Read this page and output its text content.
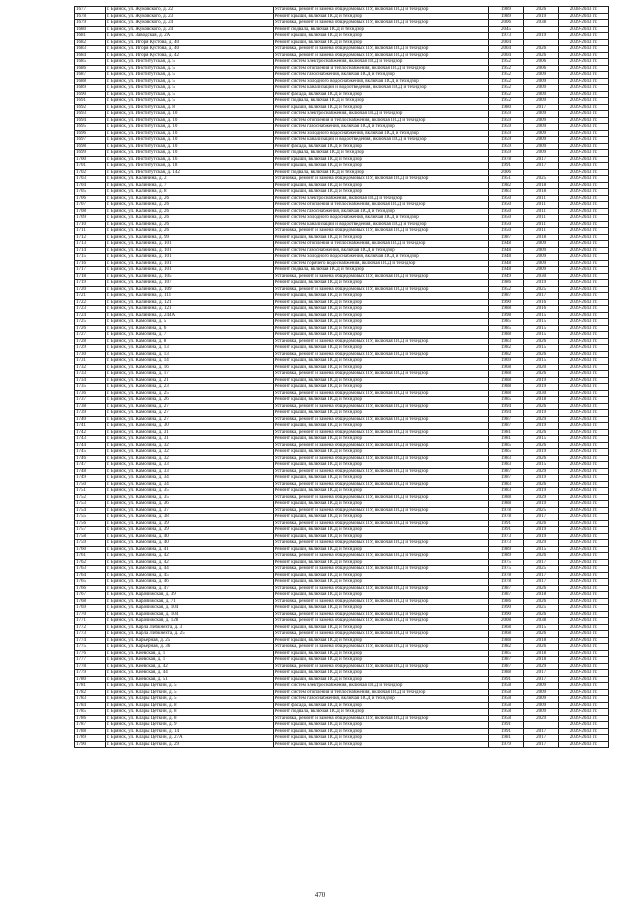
1677	г. Брянск, ул. Жуковского, д. 22	Установка, ремонт и замена общедомовых ПУ, включая ПСД и техндзор	1989	2026	2038-2043 гг.
1678	г. Брянск, ул. Жуковского, д. 23	Ремонт крыши, включая ПСД и техндзор	1989	2019	2039-2043 гг.
1679	г. Брянск, ул. Жуковского, д. 24	Установка, ремонт и замена общедомовых ПУ, включая ПСД и техндзор	2006	2038	2039-2043 гг.
1680	г. Брянск, ул. Жуковского, д. 24	Ремонт подвала, включая ПСД и техндзор	2045		2039-2043 гг.
1681	г. Брянск, ул. Заводская, д. 2А	Ремонт крыши, включая ПСД и техндзор	1973	2019	2039-2043 гг.
1682	г. Брянск, ул. Игоря Кустова, д. 40	Ремонт крыши, включая ПСД и техндзор	2004		2039-2043 гг.
1683	г. Брянск, ул. Игоря Кустова, д. 40	Установка, ремонт и замена общедомовых ПУ, включая ПСД и техндзор	2004	2026	2039-2043 гг.
1684	г. Брянск, ул. Игоря Кустова, д. 42	Установка, ремонт и замена общедомовых ПУ, включая ПСД и техндзор	2004	2026	2039-2043 гг.
1685	г. Брянск, ул. Институтская, д. 5	Ремонт систем электроснабжения, включая ПСД и техндзор	1952	2006	2039-2043 гг.
1686	г. Брянск, ул. Институтская, д. 5	Ремонт систем отопления и теплоснабжения, включая ПСД и техндзор	1952	2006	2039-2043 гг.
1687	г. Брянск, ул. Институтская, д. 5	Ремонт систем газоснабжения, включая ПСД и техндзор	1952	2009	2039-2043 гг.
1688	г. Брянск, ул. Институтская, д. 5	Ремонт систем холодного водоснабжения, включая ПСД и техндзор	1952	2009	2039-2043 гг.
1689	г. Брянск, ул. Институтская, д. 5	Ремонт систем канализации и водоотведения, включая ПСД и техндзор	1952	2009	2039-2043 гг.
1690	г. Брянск, ул. Институтская, д. 5	Ремонт фасада, включая ПСД и техндзор	1952	2009	2039-2043 гг.
1691	г. Брянск, ул. Институтская, д. 5	Ремонт подвала, включая ПСД и техндзор	1952	2009	2039-2043 гг.
1692	г. Брянск, ул. Институтская, д. 8	Ремонт крыши, включая ПСД и техндзор	1980	2017	2039-2043 гг.
1693	г. Брянск, ул. Институтская, д. 10	Ремонт систем электроснабжения, включая ПСД и техндзор	1959	2009	2039-2043 гг.
1694	г. Брянск, ул. Институтская, д. 10	Ремонт систем отопления и теплоснабжения, включая ПСД и техндзор	1959	2009	2039-2043 гг.
1695	г. Брянск, ул. Институтская, д. 10	Ремонт систем газоснабжения, включая ПСД и техндзор	1959	2009	2039-2043 гг.
1696	г. Брянск, ул. Институтская, д. 10	Ремонт систем холодного водоснабжения, включая ПСД и техндзор	1959	2009	2039-2043 гг.
1697	г. Брянск, ул. Институтская, д. 10	Ремонт систем канализации и водоотведения, включая ПСД и техндзор	1959	2009	2039-2043 гг.
1698	г. Брянск, ул. Институтская, д. 10	Ремонт фасада, включая ПСД и техндзор	1959	2009	2039-2043 гг.
1699	г. Брянск, ул. Институтская, д. 10	Ремонт подвала, включая ПСД и техндзор	1959	2009	2039-2043 гг.
1700	г. Брянск, ул. Институтская, д. 16	Ремонт крыши, включая ПСД и техндзор	1978	2017	2039-2043 гг.
1701	г. Брянск, ул. Институтская, д. 18	Ремонт крыши, включая ПСД и техндзор	1991	2017	2039-2043 гг.
1702	г. Брянск, ул. Институтская, д. 142	Ремонт подвала, включая ПСД и техндзор	2006		2039-2043 гг.
1703	г. Брянск, ул. Калинина, д. 2	Установка, ремонт и замена общедомовых ПУ, включая ПСД и техндзор	1951	2025	2039-2043 гг.
1704	г. Брянск, ул. Калинина, д. 7	Ремонт крыши, включая ПСД и техндзор	1982	2018	2039-2043 гг.
1705	г. Брянск, ул. Калинина, д. 8	Ремонт крыши, включая ПСД и техндзор	1983	2018	2039-2043 гг.
1706	г. Брянск, ул. Калинина, д. 26	Ремонт систем электроснабжения, включая ПСД и техндзор	1950	2011	2039-2043 гг.
1707	г. Брянск, ул. Калинина, д. 26	Ремонт систем отопления и теплоснабжения, включая ПСД и техндзор	1950	2011	2039-2043 гг.
1708	г. Брянск, ул. Калинина, д. 26	Ремонт систем газоснабжения, включая ПСД и техндзор	1950	2011	2039-2043 гг.
1709	г. Брянск, ул. Калинина, д. 26	Ремонт систем холодного водоснабжения, включая ПСД и техндзор	1950	2011	2039-2043 гг.
1710	г. Брянск, ул. Калинина, д. 26	Ремонт систем канализации и водоотведения, включая ПСД и техндзор	1950	2011	2039-2043 гг.
1711	г. Брянск, ул. Калинина, д. 26	Установка, ремонт и замена общедомовых ПУ, включая ПСД и техндзор	1950	2011	2039-2043 гг.
1712	г. Брянск, ул. Калинина, д. 99	Ремонт крыши, включая ПСД и техндзор	1987	2018	2039-2043 гг.
1713	г. Брянск, ул. Калинина, д. 101	Ремонт систем отопления и теплоснабжения, включая ПСД и техндзор	1948	2009	2039-2043 гг.
1714	г. Брянск, ул. Калинина, д. 101	Ремонт систем газоснабжения, включая ПСД и техндзор	1948	2009	2039-2043 гг.
1715	г. Брянск, ул. Калинина, д. 101	Ремонт систем холодного водоснабжения, включая ПСД и техндзор	1948	2009	2039-2043 гг.
1716	г. Брянск, ул. Калинина, д. 101	Ремонт систем горячего водоснабжения, включая ПСД и техндзор	1948	2009	2039-2043 гг.
1717	г. Брянск, ул. Калинина, д. 101	Ремонт подвала, включая ПСД и техндзор	1948	2009	2039-2043 гг.
1718	г. Брянск, ул. Калинина, д. 105	Установка, ремонт и замена общедомовых ПУ, включая ПСД и техндзор	1949	2030	2039-2043 гг.
1719	г. Брянск, ул. Калинина, д. 107	Ремонт крыши, включая ПСД и техндзор	1986	2019	2039-2043 гг.
1720	г. Брянск, ул. Калинина, д. 109	Установка, ремонт и замена общедомовых ПУ, включая ПСД и техндзор	1952	2025	2039-2043 гг.
1721	г. Брянск, ул. Калинина, д. 111	Ремонт крыши, включая ПСД и техндзор	1987	2017	2039-2043 гг.
1722	г. Брянск, ул. Калинина, д. 121	Ремонт крыши, включая ПСД и техндзор	1990	2016	2039-2043 гг.
1723	г. Брянск, ул. Калинина, д. 121	Ремонт крыши, включая ПСД и техндзор	1988	2016	2039-2043 гг.
1724	г. Брянск, ул. Калинина, д. 244А	Ремонт крыши, включая ПСД и техндзор	1998	2015	2039-2043 гг.
1725	г. Брянск, ул. Камозина, д. 5	Ремонт крыши, включая ПСД и техндзор	1985	2015	2039-2043 гг.
1726	г. Брянск, ул. Камозина, д. 6	Ремонт крыши, включая ПСД и техндзор	1985	2015	2039-2043 гг.
1727	г. Брянск, ул. Камозина, д. 7	Ремонт крыши, включая ПСД и техндзор	1988	2015	2039-2043 гг.
1728	г. Брянск, ул. Камозина, д. 8	Установка, ремонт и замена общедомовых ПУ, включая ПСД и техндзор	1983	2026	2039-2043 гг.
1729	г. Брянск, ул. Камозина, д. 13	Ремонт крыши, включая ПСД и техндзор	1982	2015	2039-2043 гг.
1730	г. Брянск, ул. Камозина, д. 13	Установка, ремонт и замена общедомовых ПУ, включая ПСД и техндзор	1982	2026	2039-2043 гг.
1731	г. Брянск, ул. Камозина, д. 14	Ремонт крыши, включая ПСД и техндзор	1969	2015	2039-2043 гг.
1732	г. Брянск, ул. Камозина, д. 16	Ремонт крыши, включая ПСД и техндзор	1968	2020	2039-2043 гг.
1733	г. Брянск, ул. Камозина, д. 17	Установка, ремонт и замена общедомовых ПУ, включая ПСД и техндзор	1988	2026	2039-2043 гг.
1734	г. Брянск, ул. Камозина, д. 21	Ремонт крыши, включая ПСД и техндзор	1988	2019	2039-2043 гг.
1735	г. Брянск, ул. Камозина, д. 23	Ремонт крыши, включая ПСД и техндзор	1988	2019	2039-2043 гг.
1736	г. Брянск, ул. Камозина, д. 25	Установка, ремонт и замена общедомовых ПУ, включая ПСД и техндзор	1988	2030	2039-2043 гг.
1737	г. Брянск, ул. Камозина, д. 26	Ремонт крыши, включая ПСД и техндзор	1985	2018	2039-2043 гг.
1738	г. Брянск, ул. Камозина, д. 27	Установка, ремонт и замена общедомовых ПУ, включая ПСД и техндзор	1994	2026	2039-2043 гг.
1739	г. Брянск, ул. Камозина, д. 27	Ремонт крыши, включая ПСД и техндзор	1994	2019	2039-2043 гг.
1740	г. Брянск, ул. Камозина, д. 27	Установка, ремонт и замена общедомовых ПУ, включая ПСД и техндзор	1987	2029	2039-2043 гг.
1741	г. Брянск, ул. Камозина, д. 30	Ремонт крыши, включая ПСД и техндзор	1987	2019	2039-2043 гг.
1742	г. Брянск, ул. Камозина, д. 31	Установка, ремонт и замена общедомовых ПУ, включая ПСД и техндзор	1981	2026	2039-2043 гг.
1743	г. Брянск, ул. Камозина, д. 31	Ремонт крыши, включая ПСД и техндзор	1981	2015	2039-2043 гг.
1744	г. Брянск, ул. Камозина, д. 32	Установка, ремонт и замена общедомовых ПУ, включая ПСД и техндзор	1985	2026	2039-2043 гг.
1745	г. Брянск, ул. Камозина, д. 32	Ремонт крыши, включая ПСД и техндзор	1985	2019	2039-2043 гг.
1746	г. Брянск, ул. Камозина, д. 32	Установка, ремонт и замена общедомовых ПУ, включая ПСД и техндзор	1983	2026	2039-2043 гг.
1747	г. Брянск, ул. Камозина, д. 33	Ремонт крыши, включая ПСД и техндзор	1983	2015	2039-2043 гг.
1748	г. Брянск, ул. Камозина, д. 33	Установка, ремонт и замена общедомовых ПУ, включая ПСД и техндзор	1987	2029	2039-2043 гг.
1749	г. Брянск, ул. Камозина, д. 34	Ремонт крыши, включая ПСД и техндзор	1987	2019	2039-2043 гг.
1750	г. Брянск, ул. Камозина, д. 34	Установка, ремонт и замена общедомовых ПУ, включая ПСД и техндзор	1983	2026	2039-2043 гг.
1751	г. Брянск, ул. Камозина, д. 35	Ремонт крыши, включая ПСД и техндзор	1983	2019	2039-2043 гг.
1752	г. Брянск, ул. Камозина, д. 35	Установка, ремонт и замена общедомовых ПУ, включая ПСД и техндзор	1988	2029	2039-2043 гг.
1753	г. Брянск, ул. Камозина, д. 36	Ремонт крыши, включая ПСД и техндзор	1988	2019	2039-2043 гг.
1754	г. Брянск, ул. Камозина, д. 37	Установка, ремонт и замена общедомовых ПУ, включая ПСД и техндзор	1978	2025	2039-2043 гг.
1755	г. Брянск, ул. Камозина, д. 38	Ремонт крыши, включая ПСД и техндзор	1978	2017	2039-2043 гг.
1756	г. Брянск, ул. Камозина, д. 39	Установка, ремонт и замена общедомовых ПУ, включая ПСД и техндзор	1991	2026	2039-2043 гг.
1757	г. Брянск, ул. Камозина, д. 39	Ремонт крыши, включая ПСД и техндзор	1991	2019	2039-2043 гг.
1758	г. Брянск, ул. Камозина, д. 40	Ремонт крыши, включая ПСД и техндзор	1973	2019	2039-2043 гг.
1759	г. Брянск, ул. Камозина, д. 40	Установка, ремонт и замена общедомовых ПУ, включая ПСД и техндзор	1973	2029	2039-2043 гг.
1760	г. Брянск, ул. Камозина, д. 41	Ремонт крыши, включая ПСД и техндзор	1989	2015	2039-2043 гг.
1761	г. Брянск, ул. Камозина, д. 42	Установка, ремонт и замена общедомовых ПУ, включая ПСД и техндзор	1989	2026	2039-2043 гг.
1762	г. Брянск, ул. Камозина, д. 42	Ремонт крыши, включая ПСД и техндзор	1975	2017	2039-2043 гг.
1763	г. Брянск, ул. Камозина, д. 44	Установка, ремонт и замена общедомовых ПУ, включая ПСД и техндзор	1975	2025	2039-2043 гг.
1764	г. Брянск, ул. Камозина, д. 45	Ремонт крыши, включая ПСД и техндзор	1978	2017	2039-2043 гг.
1765	г. Брянск, ул. Камозина, д. 46	Ремонт крыши, включая ПСД и техндзор	1978	2017	2039-2043 гг.
1766	г. Брянск, ул. Камозина, д. 47	Установка, ремонт и замена общедомовых ПУ, включая ПСД и техндзор	1987	2026	2039-2043 гг.
1767	г. Брянск, ул. Карачижская, д. 39	Ремонт крыши, включая ПСД и техндзор	1987	2018	2039-2043 гг.
1768	г. Брянск, ул. Карачижская, д. 71	Установка, ремонт и замена общедомовых ПУ, включая ПСД и техндзор	1986	2026	2039-2043 гг.
1769	г. Брянск, ул. Карачижская, д. 104	Ремонт крыши, включая ПСД и техндзор	1990	2025	2039-2043 гг.
1770	г. Брянск, ул. Карачижская, д. 104	Установка, ремонт и замена общедомовых ПУ, включая ПСД и техндзор	1990	2026	2039-2043 гг.
1771	г. Брянск, ул. Карачижская, д. 128	Установка, ремонт и замена общедомовых ПУ, включая ПСД и техндзор	2008	2038	2039-2043 гг.
1772	г. Брянск, ул. Карла Либкнехта, д. 3	Ремонт крыши, включая ПСД и техндзор	1968	2015	2039-2043 гг.
1773	г. Брянск, ул. Карла Либкнехта, д. 25	Установка, ремонт и замена общедомовых ПУ, включая ПСД и техндзор	1968	2026	2039-2043 гг.
1774	г. Брянск, ул. Карьерная, д. 25	Ремонт крыши, включая ПСД и техндзор	1988	2018	2039-2043 гг.
1775	г. Брянск, ул. Карьерная, д. 36	Установка, ремонт и замена общедомовых ПУ, включая ПСД и техндзор	1982	2026	2039-2043 гг.
1776	г. Брянск, ул. Киевская, д. 1	Ремонт крыши, включая ПСД и техндзор	1985	2018	2039-2043 гг.
1777	г. Брянск, ул. Киевская, д. 1	Ремонт крыши, включая ПСД и техндзор	1987	2018	2039-2043 гг.
1778	г. Брянск, ул. Киевская, д. 42	Установка, ремонт и замена общедомовых ПУ, включая ПСД и техндзор	1987	2029	2039-2043 гг.
1779	г. Брянск, ул. Киевская, д. 44	Ремонт крыши, включая ПСД и техндзор	1988	2017	2039-2043 гг.
1780	г. Брянск, ул. Киевская, д. 51	Ремонт крыши, включая ПСД и техндзор	1991	2017	2039-2043 гг.
1781	г. Брянск, ул. Клары Цеткин, д. 5	Ремонт систем электроснабжения, включая ПСД и техндзор	1958	2009	2039-2043 гг.
1782	г. Брянск, ул. Клары Цеткин, д. 5	Ремонт систем отопления и теплоснабжения, включая ПСД и техндзор	1958	2009	2039-2043 гг.
1783	г. Брянск, ул. Клары Цеткин, д. 5	Ремонт систем газоснабжения, включая ПСД и техндзор	1958	2009	2039-2043 гг.
1784	г. Брянск, ул. Клары Цеткин, д. 8	Ремонт фасада, включая ПСД и техндзор	1958	2009	2039-2043 гг.
1785	г. Брянск, ул. Клары Цеткин, д. 8	Ремонт подвала, включая ПСД и техндзор	1958	2009	2039-2043 гг.
1786	г. Брянск, ул. Клары Цеткин, д. 8	Установка, ремонт и замена общедомовых ПУ, включая ПСД и техндзор	1958	2029	2039-2043 гг.
1787	г. Брянск, ул. Клары Цеткин, д. 9	Ремонт крыши, включая ПСД и техндзор	1991		2039-2043 гг.
1788	г. Брянск, ул. Клары Цеткин, д. 14	Ремонт крыши, включая ПСД и техндзор	1991	2017	2039-2043 гг.
1789	г. Брянск, ул. Клары Цеткин, д. 27А	Ремонт крыши, включая ПСД и техндзор	1981	2017	2039-2043 гг.
1790	г. Брянск, ул. Клары Цеткин, д. 29	Ремонт крыши, включая ПСД и техндзор	1979	2017	2039-2043 гг.
470
